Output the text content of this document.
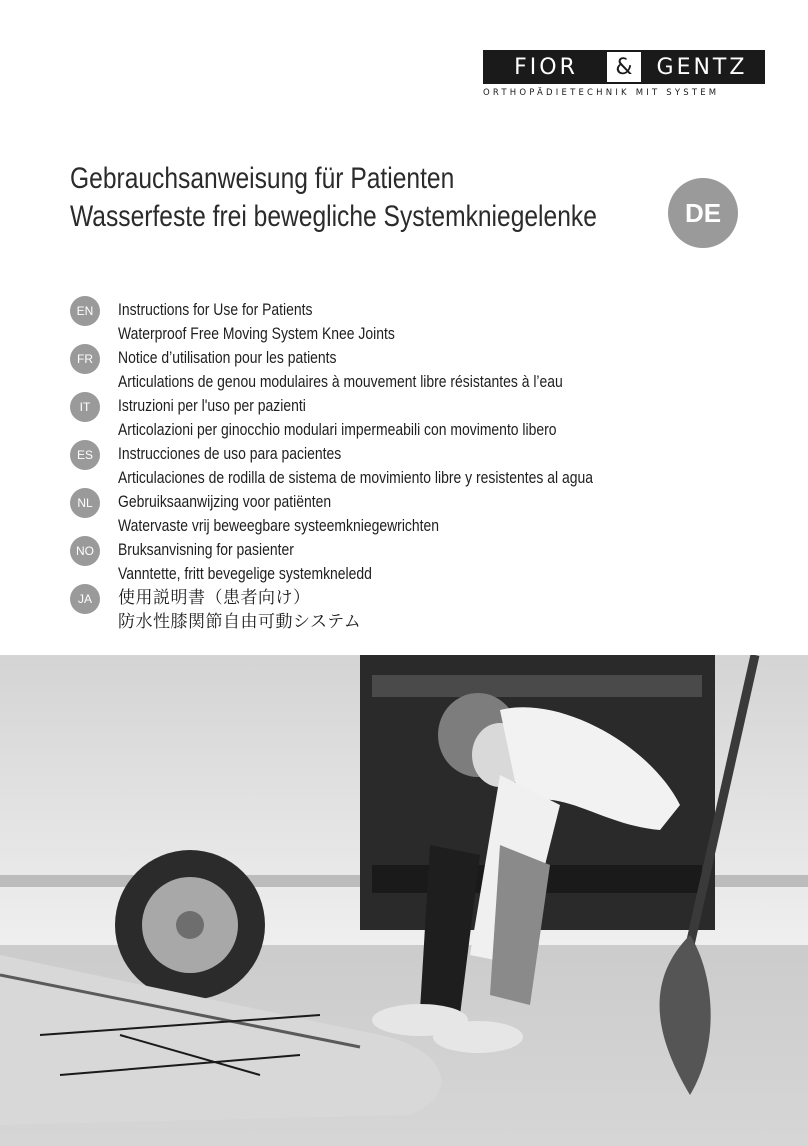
FIOR	&	GENTZ
ORTHOPÄDIETECHNIK MIT SYSTEM
Gebrauchsanweisung für Patienten
Wasserfeste frei bewegliche Systemkniegelenke	DE
EN	Instructions for Use for Patients
Waterproof Free Moving System Knee Joints
FR	Notice d’utilisation pour les patients
Articulations de genou modulaires à mouvement libre résistantes à l’eau
IT	Istruzioni per l'uso per pazienti
Articolazioni per ginocchio modulari impermeabili con movimento libero
ES	Instrucciones de uso para pacientes
Articulaciones de rodilla de sistema de movimiento libre y resistentes al agua
NL	Gebruiksaanwijzing voor patiënten
Watervaste vrij beweegbare systeemkniegewrichten
NO	Bruksanvisning for pasienter
Vanntette, fritt bevegelige systemkneledd
JA	使用説明書（患者向け）
防水性膝関節自由可動システム
